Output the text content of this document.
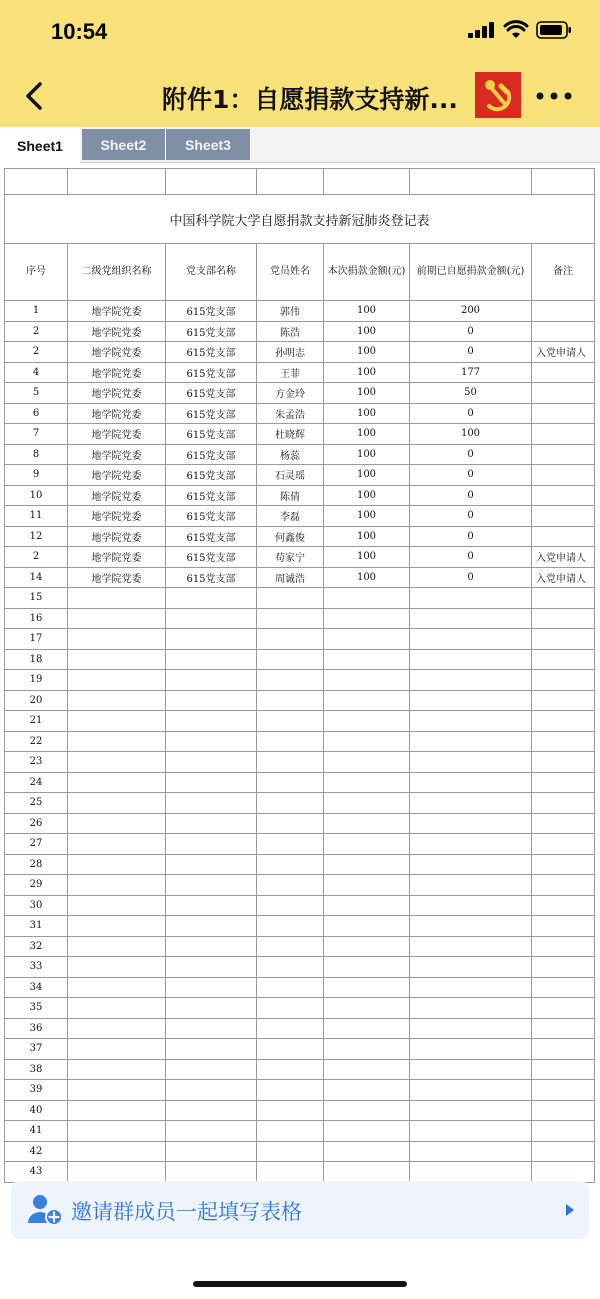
10:54
附件1：自愿捐款支持新...
Sheet1	Sheet2	Sheet3

中国科学院大学自愿捐款支持新冠肺炎登记表						
序号	二级党组织名称	党支部名称	党员姓名	本次捐款金额(元)	前期已自愿捐款金额(元)	备注
1	地学院党委	615党支部	郭伟	100	200	
2	地学院党委	615党支部	陈浩	100	0	
2	地学院党委	615党支部	孙明志	100	0	入党申请人
4	地学院党委	615党支部	王菲	100	177	
5	地学院党委	615党支部	方金玲	100	50	
6	地学院党委	615党支部	朱孟浩	100	0	
7	地学院党委	615党支部	杜晓辉	100	100	
8	地学院党委	615党支部	杨蕊	100	0	
9	地学院党委	615党支部	石灵瑶	100	0	
10	地学院党委	615党支部	陈倩	100	0	
11	地学院党委	615党支部	李磊	100	0	
12	地学院党委	615党支部	何鑫俊	100	0	
2	地学院党委	615党支部	苟家宁	100	0	入党申请人
14	地学院党委	615党支部	周诚浩	100	0	入党申请人
15						
16						
17						
18						
19						
20						
21						
22						
23						
24						
25						
26						
27						
28						
29						
30						
31						
32						
33						
34						
35						
36						
37						
38						
39						
40						
41						
42						
43						
邀请群成员一起填写表格
